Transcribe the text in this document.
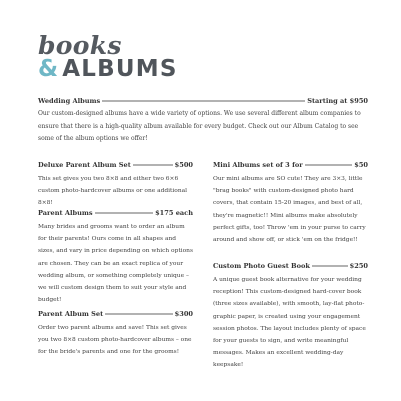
books
& ALBUMS
Wedding Albums	Starting at $950

Our custom-designed albums have a wide variety of options. We use several different album companies to ensure that there is a high-quality album available for every budget. Check out our Album Catalog to see some of the album options we offer!

Deluxe Parent Album Set	$500

This set gives you two 8×8 and either two 6×6 custom photo-hardcover albums or one additional 8×8!

Parent Albums	$175 each

Many brides and grooms want to order an album for their parents! Ours come in all shapes and sizes, and vary in price depending on which options are chosen. They can be an exact replica of your wedding album, or something completely unique – we will custom design them to suit your style and budget!

Parent Album Set	$300

Order two parent albums and save! This set gives you two 8×8 custom photo-hardcover albums – one for the bride's parents and one for the grooms!

Mini Albums set of 3 for	$50

Our mini albums are SO cute! They are 3×3, little "brag books" with custom-designed photo hard covers, that contain 15-20 images, and best of all, they're magnetic!! Mini albums make absolutely perfect gifts, too! Throw 'em in your purse to carry around and show off, or stick 'em on the fridge!!

Custom Photo Guest Book	$250

A unique guest book alternative for your wedding reception! This custom-designed hard-cover book (three sizes available), with smooth, lay-flat photo-graphic paper, is created using your engagement session photos. The layout includes plenty of space for your guests to sign, and write meaningful messages. Makes an excellent wedding-day keepsake!
